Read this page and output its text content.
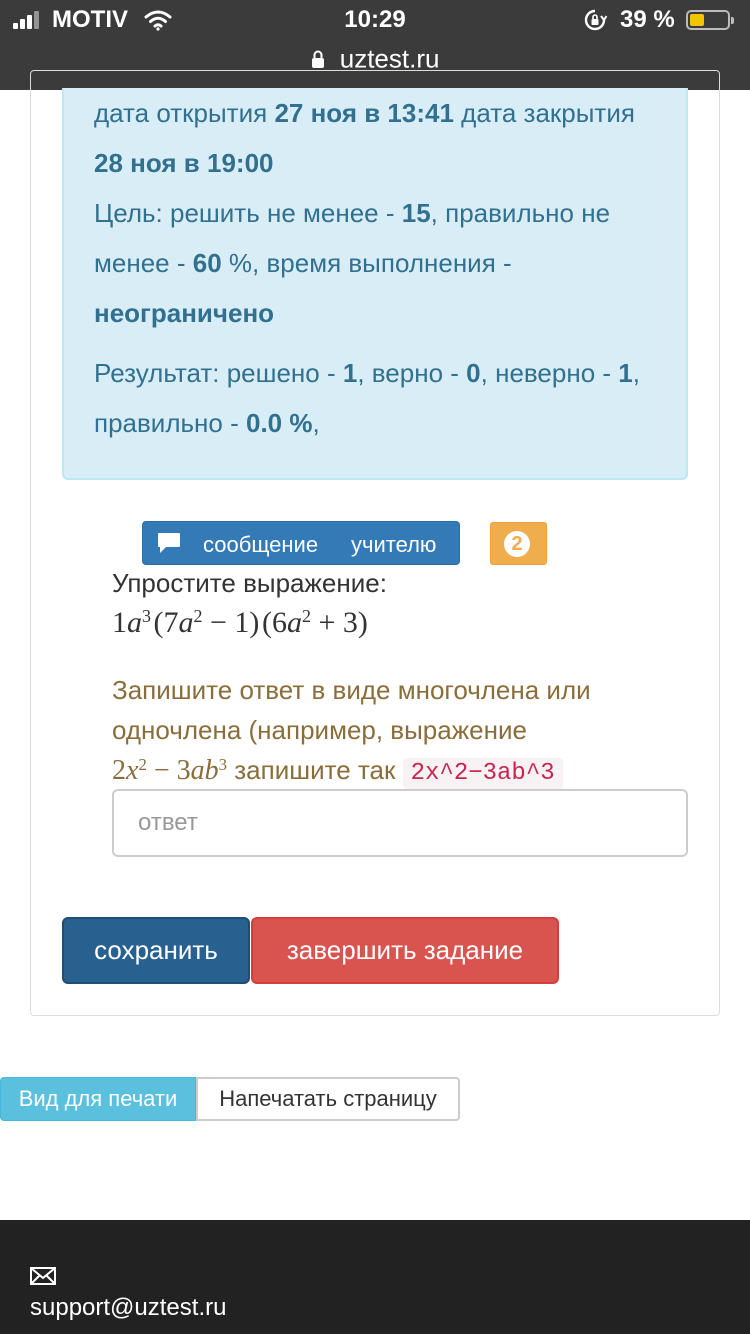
MOTIV	10:29	39 %
uztest.ru

дата открытия 27 ноя в 13:41 дата закрытия 28 ноя в 19:00

Цель: решить не менее - 15, правильно не менее - 60 %, время выполнения - неограничено

Результат: решено - 1, верно - 0, неверно - 1, правильно - 0.0 %,

сообщение учителю	2
Упростите выражение:
$1a^3$ $(7a^2 - 1)$ $(6a^2 + 3)$
Запишите ответ в виде многочлена или одночлена (например, выражение
$2x^2 - 3ab^3$ запишите так 2x^2−3ab^3
ответ
сохранить	завершить задание
Вид для печати	Напечатать страницу
support@uztest.ru
